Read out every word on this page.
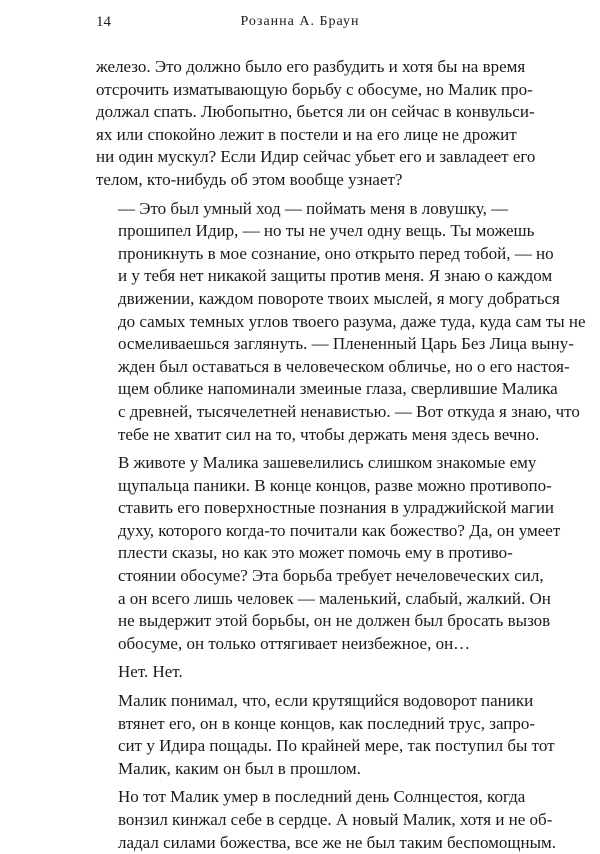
14	Розанна А. Браун

железо. Это должно было его разбудить и хотя бы на время
отсрочить изматывающую борьбу с обосуме, но Малик про-
должал спать. Любопытно, бьется ли он сейчас в конвульси-
ях или спокойно лежит в постели и на его лице не дрожит
ни один мускул? Если Идир сейчас убьет его и завладеет его
телом, кто-нибудь об этом вообще узнает?

— Это был умный ход — поймать меня в ловушку, —
прошипел Идир, — но ты не учел одну вещь. Ты можешь
проникнуть в мое сознание, оно открыто перед тобой, — но
и у тебя нет никакой защиты против меня. Я знаю о каждом
движении, каждом повороте твоих мыслей, я могу добраться
до самых темных углов твоего разума, даже туда, куда сам ты не
осмеливаешься заглянуть. — Плененный Царь Без Лица выну-
жден был оставаться в человеческом обличье, но о его настоя-
щем облике напоминали змеиные глаза, сверлившие Малика
с древней, тысячелетней ненавистью. — Вот откуда я знаю, что
тебе не хватит сил на то, чтобы держать меня здесь вечно.

В животе у Малика зашевелились слишком знакомые ему
щупальца паники. В конце концов, разве можно противопо-
ставить его поверхностные познания в улраджийской магии
духу, которого когда-то почитали как божество? Да, он умеет
плести сказы, но как это может помочь ему в противо-
стоянии обосуме? Эта борьба требует нечеловеческих сил,
а он всего лишь человек — маленький, слабый, жалкий. Он
не выдержит этой борьбы, он не должен был бросать вызов
обосуме, он только оттягивает неизбежное, он…

Нет. Нет.

Малик понимал, что, если крутящийся водоворот паники
втянет его, он в конце концов, как последний трус, запро-
сит у Идира пощады. По крайней мере, так поступил бы тот
Малик, каким он был в прошлом.

Но тот Малик умер в последний день Солнцестоя, когда
вонзил кинжал себе в сердце. А новый Малик, хотя и не об-
ладал силами божества, все же не был таким беспомощным.
